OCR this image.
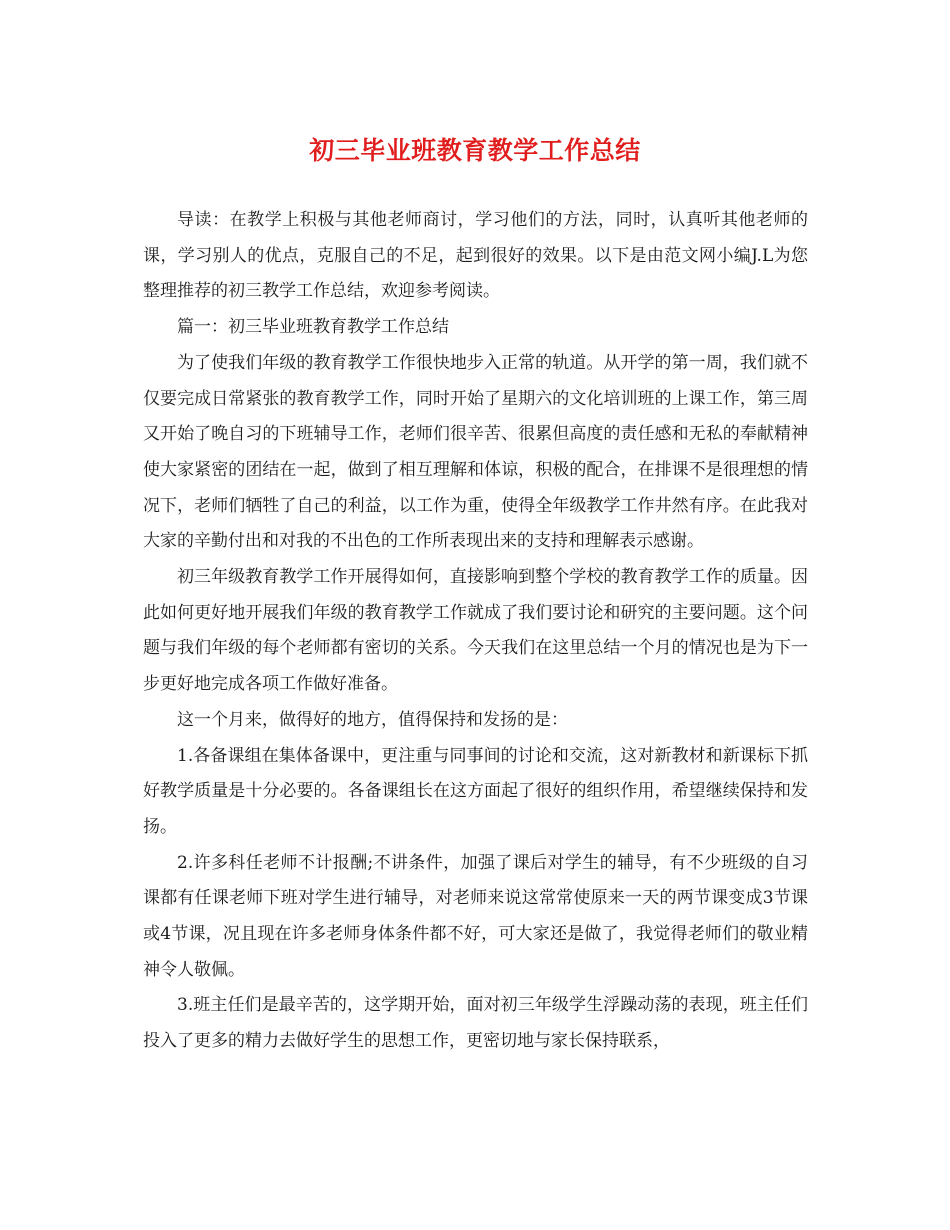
初三毕业班教育教学工作总结

导读：在教学上积极与其他老师商讨，学习他们的方法，同时，认真听其他老师的课，学习别人的优点，克服自己的不足，起到很好的效果。以下是由范文网小编J.L为您整理推荐的初三教学工作总结，欢迎参考阅读。

篇一：初三毕业班教育教学工作总结

为了使我们年级的教育教学工作很快地步入正常的轨道。从开学的第一周，我们就不仅要完成日常紧张的教育教学工作，同时开始了星期六的文化培训班的上课工作，第三周又开始了晚自习的下班辅导工作，老师们很辛苦、很累但高度的责任感和无私的奉献精神使大家紧密的团结在一起，做到了相互理解和体谅，积极的配合，在排课不是很理想的情况下，老师们牺牲了自己的利益，以工作为重，使得全年级教学工作井然有序。在此我对大家的辛勤付出和对我的不出色的工作所表现出来的支持和理解表示感谢。

初三年级教育教学工作开展得如何，直接影响到整个学校的教育教学工作的质量。因此如何更好地开展我们年级的教育教学工作就成了我们要讨论和研究的主要问题。这个问题与我们年级的每个老师都有密切的关系。今天我们在这里总结一个月的情况也是为下一步更好地完成各项工作做好准备。

这一个月来，做得好的地方，值得保持和发扬的是：

1.各备课组在集体备课中，更注重与同事间的讨论和交流，这对新教材和新课标下抓好教学质量是十分必要的。各备课组长在这方面起了很好的组织作用，希望继续保持和发扬。

2.许多科任老师不计报酬;不讲条件，加强了课后对学生的辅导，有不少班级的自习课都有任课老师下班对学生进行辅导，对老师来说这常常使原来一天的两节课变成3节课或4节课，况且现在许多老师身体条件都不好，可大家还是做了，我觉得老师们的敬业精神令人敬佩。

3.班主任们是最辛苦的，这学期开始，面对初三年级学生浮躁动荡的表现，班主任们投入了更多的精力去做好学生的思想工作，更密切地与家长保持联系，
